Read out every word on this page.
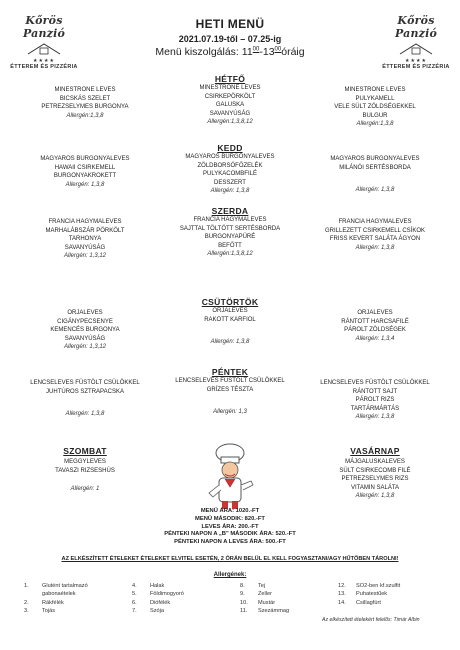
Kőrös Panzió
★★★★
ÉTTEREM ÉS PIZZÉRIA
Kőrös Panzió
★★★★
ÉTTEREM ÉS PIZZÉRIA
HETI MENÜ
2021.07.19-től – 07.25-ig
Menü kiszolgálás: $11^{00}-13^{00}óráig$
HÉTFŐ
MINESTRONE LEVES
BICSKÁS SZELET
PETREZSELYMES BURGONYA
Allergén:1,3,8
MINESTRONE LEVES
CSIRKEPÖRKÖLT
GALUSKA
SAVANYÚSÁG
Allergén:1,3,8,12
MINESTRONE LEVES
PULYKAMELL
VELE SÜLT ZÖLDSÉGEKKEL
BULGUR
Allergén:1,3,8
KEDD
MAGYAROS BURGONYALEVES
HAWAII CSIRKEMELL
BURGONYAKROKETT
Allergén: 1,3,8
MAGYAROS BURGONYALEVES
ZÖLDBORSÓFŐZELÉK
PULYKACOMBFILÉ
DESSZERT
Allergén: 1,3,8
MAGYAROS BURGONYALEVES
MILÁNÓI SERTÉSBORDA
Allergén: 1,3,8
SZERDA
FRANCIA HAGYMALEVES
MARHALÁBSZÁR PÖRKÖLT
TARHONYA
SAVANYÚSÁG
Allergén: 1,3,12
FRANCIA HAGYMALEVES
SAJTTAL TÖLTÖTT SERTÉSBORDA
BURGONYAPÜRÉ
BEFŐTT
Allergén:1,3,8,12
FRANCIA HAGYMALEVES
GRILLEZETT CSIRKEMELL CSÍKOK
FRISS KEVERT SALÁTA ÁGYON
Allergén: 1,3,8
CSÜTÖRTÖK
ORJALEVES
CIGÁNYPECSENYE
KEMENCÉS BURGONYA
SAVANYÚSÁG
Allergén: 1,3,12
ORJALEVES
RAKOTT KARFIOL
Allergén: 1,3,8
ORJALEVES
RÁNTOTT HARCSAFILÉ
PÁROLT ZÖLDSÉGEK
Allergén: 1,3,4
PÉNTEK
LENCSELEVES FÜSTÖLT CSÜLÖKKEL
JUHTÚROS SZTRAPACSKA
Allergén: 1,3,8
LENCSELEVES FÜSTÖLT CSÜLÖKKEL
GRÍZES TÉSZTA
Allergén: 1,3
LENCSELEVES FÜSTÖLT CSÜLÖKKEL
RÁNTOTT SAJT
PÁROLT RIZS
TARTÁRMÁRTÁS
Allergén: 1,3,8
SZOMBAT
MEGGYLEVES
TAVASZI RIZSESHÚS
Allergén: 1
VASÁRNAP
MÁJGALUSKALEVES
SÜLT CSIRKECOMB FILÉ
PETREZSELYMES RIZS
VITAMIN SALÁTA
Allergén: 1,3,8
MENÜ ÁRA: 1020.-FT
MENÜ MÁSODIK: 820.-FT
LEVES ÁRA: 200.-FT
PÉNTEKI NAPON A „B" MÁSODIK ÁRA: 520.-FT
PÉNTEKI NAPON A LEVES ÁRA: 500.-FT
AZ ELKÉSZÍTETT ÉTELEKET ÉTELEKET ELVITEL ESETÉN, 2 ÓRÁN BELÜL EL KELL FOGYASZTANI/AGY HŰTŐBEN TÁROLNI!
Allergének:
1. Glutént tartalmazó
gabonaételek
2. Rákfélék
3. Tojás
4. Halak
5. Földimogyoró
6. Diófélék
7. Szója
8. Tej
9. Zeller
10. Mustár
11. Szezámmag
12. SO2-ben kf.szulfit
13. Puhatestűek
14. Csillagfürt
Az elkészített ételekért felelős: Timár Albin
